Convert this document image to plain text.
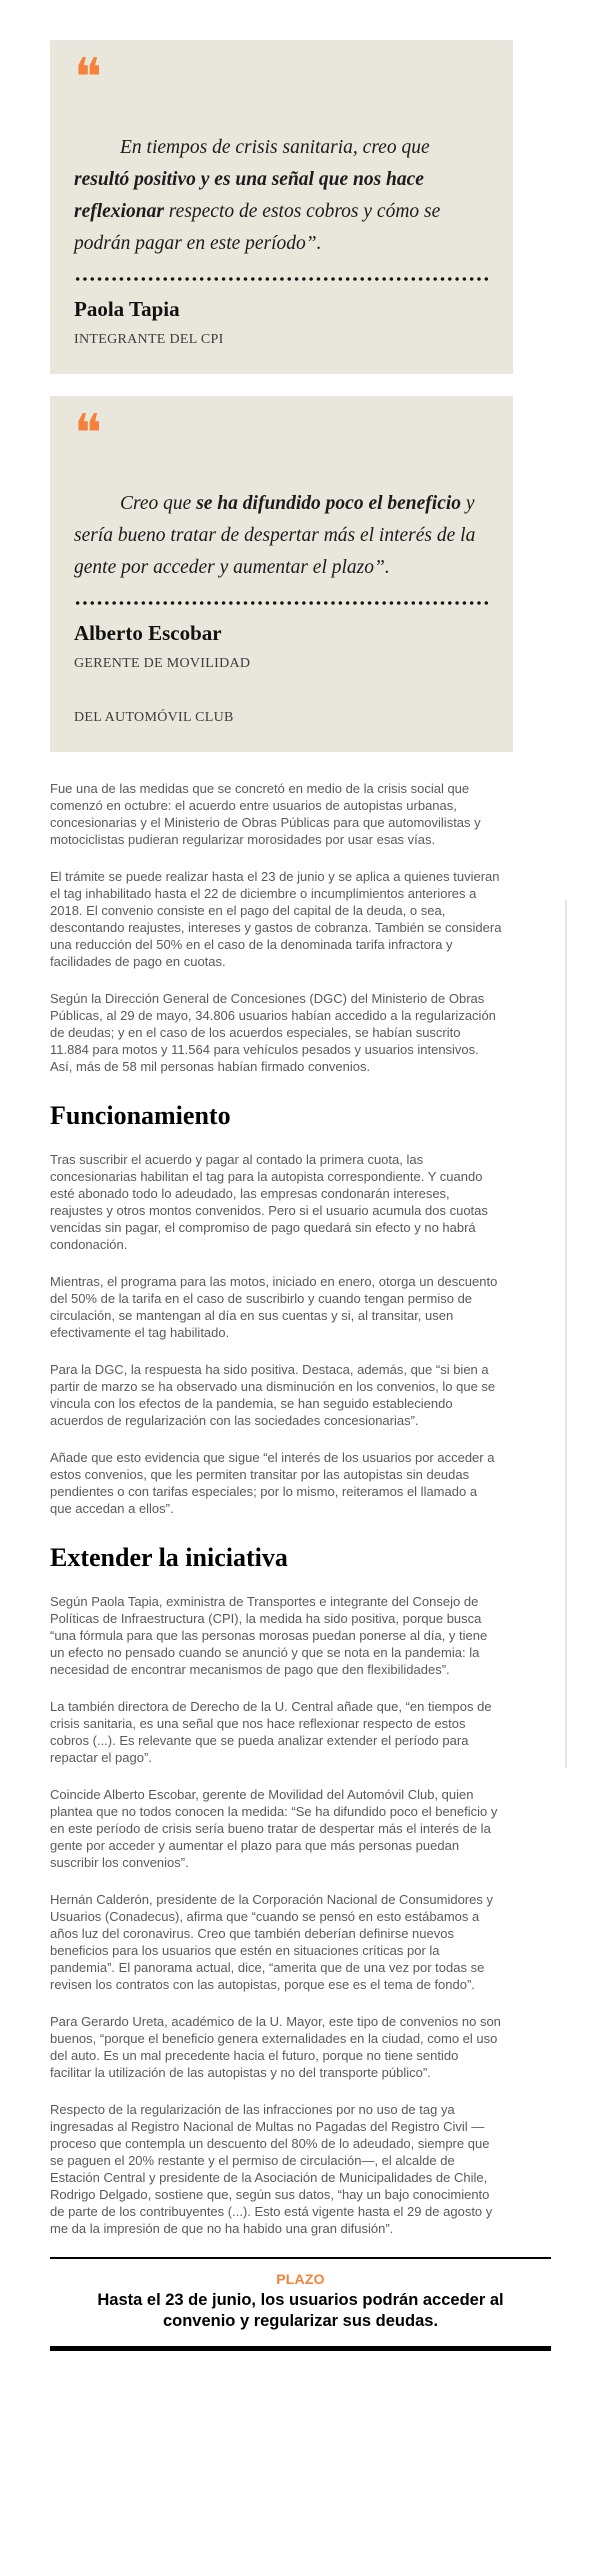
❝

En tiempos de crisis sanitaria, creo que resultó positivo y es una señal que nos hace reflexionar respecto de estos cobros y cómo se podrán pagar en este período”.

Paola Tapia
INTEGRANTE DEL CPI
❝

Creo que se ha difundido poco el beneficio y sería bueno tratar de despertar más el interés de la gente por acceder y aumentar el plazo”.

Alberto Escobar
GERENTE DE MOVILIDAD
DEL AUTOMÓVIL CLUB

Fue una de las medidas que se concretó en medio de la crisis social que comenzó en octubre: el acuerdo entre usuarios de autopistas urbanas, concesionarias y el Ministerio de Obras Públicas para que automovilistas y motociclistas pudieran regularizar morosidades por usar esas vías.

El trámite se puede realizar hasta el 23 de junio y se aplica a quienes tuvieran el tag inhabilitado hasta el 22 de diciembre o incumplimientos anteriores a 2018. El convenio consiste en el pago del capital de la deuda, o sea, descontando reajustes, intereses y gastos de cobranza. También se considera una reducción del 50% en el caso de la denominada tarifa infractora y facilidades de pago en cuotas.

Según la Dirección General de Concesiones (DGC) del Ministerio de Obras Públicas, al 29 de mayo, 34.806 usuarios habían accedido a la regularización de deudas; y en el caso de los acuerdos especiales, se habían suscrito 11.884 para motos y 11.564 para vehículos pesados y usuarios intensivos. Así, más de 58 mil personas habían firmado convenios.

Funcionamiento

Tras suscribir el acuerdo y pagar al contado la primera cuota, las concesionarias habilitan el tag para la autopista correspondiente. Y cuando esté abonado todo lo adeudado, las empresas condonarán intereses, reajustes y otros montos convenidos. Pero si el usuario acumula dos cuotas vencidas sin pagar, el compromiso de pago quedará sin efecto y no habrá condonación.

Mientras, el programa para las motos, iniciado en enero, otorga un descuento del 50% de la tarifa en el caso de suscribirlo y cuando tengan permiso de circulación, se mantengan al día en sus cuentas y si, al transitar, usen efectivamente el tag habilitado.

Para la DGC, la respuesta ha sido positiva. Destaca, además, que “si bien a partir de marzo se ha observado una disminución en los convenios, lo que se vincula con los efectos de la pandemia, se han seguido estableciendo acuerdos de regularización con las sociedades concesionarias”.

Añade que esto evidencia que sigue “el interés de los usuarios por acceder a estos convenios, que les permiten transitar por las autopistas sin deudas pendientes o con tarifas especiales; por lo mismo, reiteramos el llamado a que accedan a ellos”.

Extender la iniciativa

Según Paola Tapia, exministra de Transportes e integrante del Consejo de Políticas de Infraestructura (CPI), la medida ha sido positiva, porque busca “una fórmula para que las personas morosas puedan ponerse al día, y tiene un efecto no pensado cuando se anunció y que se nota en la pandemia: la necesidad de encontrar mecanismos de pago que den flexibilidades”.

La también directora de Derecho de la U. Central añade que, “en tiempos de crisis sanitaria, es una señal que nos hace reflexionar respecto de estos cobros (...). Es relevante que se pueda analizar extender el período para repactar el pago”.

Coincide Alberto Escobar, gerente de Movilidad del Automóvil Club, quien plantea que no todos conocen la medida: “Se ha difundido poco el beneficio y en este período de crisis sería bueno tratar de despertar más el interés de la gente por acceder y aumentar el plazo para que más personas puedan suscribir los convenios”.

Hernán Calderón, presidente de la Corporación Nacional de Consumidores y Usuarios (Conadecus), afirma que “cuando se pensó en esto estábamos a años luz del coronavirus. Creo que también deberían definirse nuevos beneficios para los usuarios que estén en situaciones críticas por la pandemia”. El panorama actual, dice, “amerita que de una vez por todas se revisen los contratos con las autopistas, porque ese es el tema de fondo”.

Para Gerardo Ureta, académico de la U. Mayor, este tipo de convenios no son buenos, “porque el beneficio genera externalidades en la ciudad, como el uso del auto. Es un mal precedente hacia el futuro, porque no tiene sentido facilitar la utilización de las autopistas y no del transporte público”.

Respecto de la regularización de las infracciones por no uso de tag ya ingresadas al Registro Nacional de Multas no Pagadas del Registro Civil —proceso que contempla un descuento del 80% de lo adeudado, siempre que se paguen el 20% restante y el permiso de circulación—, el alcalde de Estación Central y presidente de la Asociación de Municipalidades de Chile, Rodrigo Delgado, sostiene que, según sus datos, “hay un bajo conocimiento de parte de los contribuyentes (...). Esto está vigente hasta el 29 de agosto y me da la impresión de que no ha habido una gran difusión”.

PLAZO
Hasta el 23 de junio, los usuarios podrán acceder al convenio y regularizar sus deudas.
